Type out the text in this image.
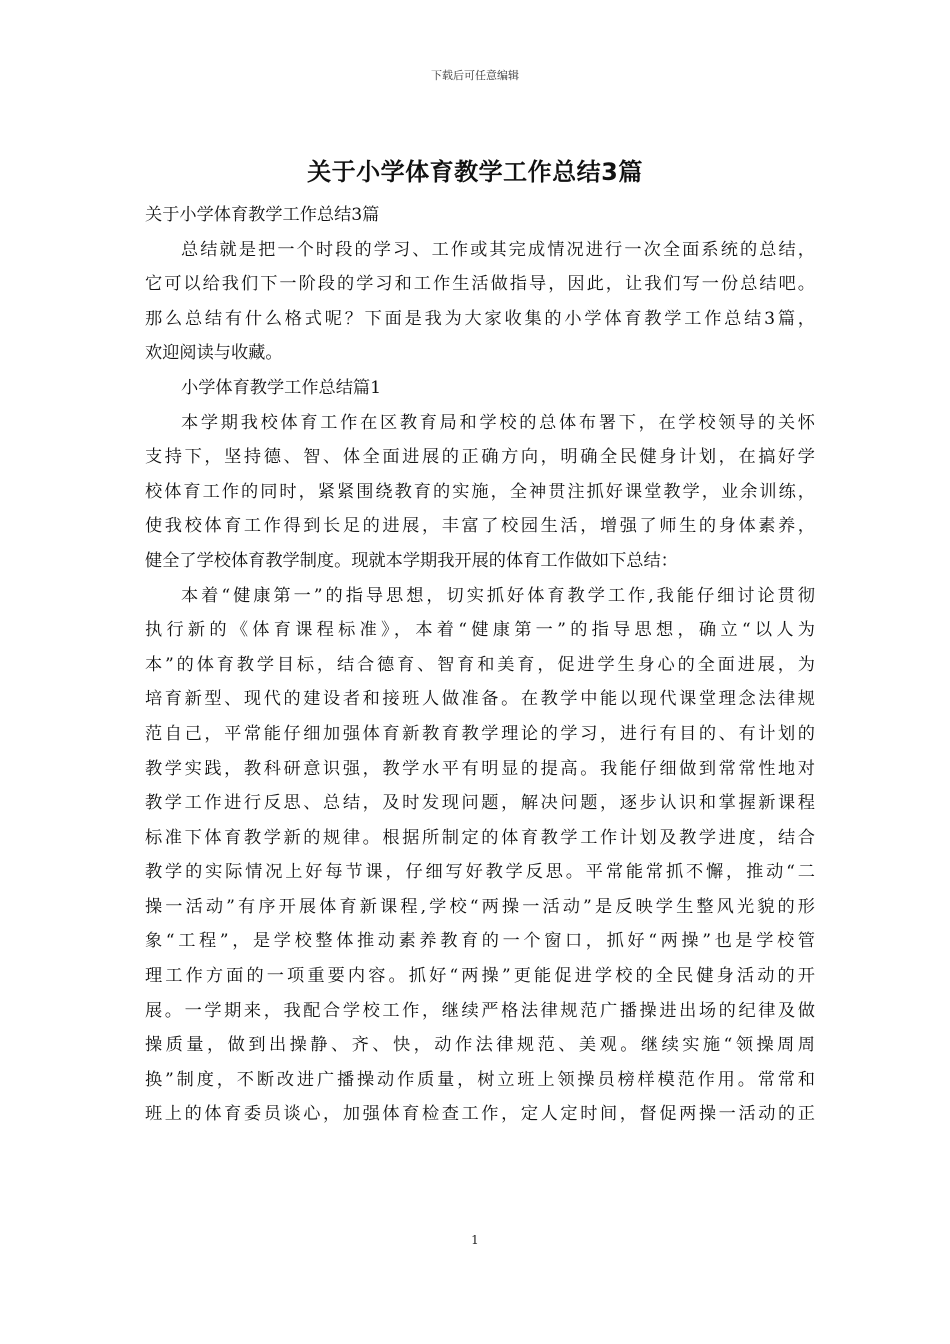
下载后可任意编辑
关于小学体育教学工作总结3篇
关于小学体育教学工作总结3篇

总结就是把一个时段的学习、工作或其完成情况进行一次全面系统的总结，
它可以给我们下一阶段的学习和工作生活做指导，因此，让我们写一份总结吧。
那么总结有什么格式呢？下面是我为大家收集的小学体育教学工作总结3篇，
欢迎阅读与收藏。

小学体育教学工作总结篇1

本学期我校体育工作在区教育局和学校的总体布署下，在学校领导的关怀
支持下，坚持德、智、体全面进展的正确方向，明确全民健身计划，在搞好学
校体育工作的同时，紧紧围绕教育的实施，全神贯注抓好课堂教学，业余训练，
使我校体育工作得到长足的进展，丰富了校园生活，增强了师生的身体素养，
健全了学校体育教学制度。现就本学期我开展的体育工作做如下总结：

本着“健康第一”的指导思想，切实抓好体育教学工作,我能仔细讨论贯彻
执行新的《体育课程标准》，本着“健康第一”的指导思想，确立“以人为
本”的体育教学目标，结合德育、智育和美育，促进学生身心的全面进展，为
培育新型、现代的建设者和接班人做准备。在教学中能以现代课堂理念法律规
范自己，平常能仔细加强体育新教育教学理论的学习，进行有目的、有计划的
教学实践，教科研意识强，教学水平有明显的提高。我能仔细做到常常性地对
教学工作进行反思、总结，及时发现问题，解决问题，逐步认识和掌握新课程
标准下体育教学新的规律。根据所制定的体育教学工作计划及教学进度，结合
教学的实际情况上好每节课，仔细写好教学反思。平常能常抓不懈，推动“二
操一活动”有序开展体育新课程,学校“两操一活动”是反映学生整风光貌的形
象“工程”，是学校整体推动素养教育的一个窗口，抓好“两操”也是学校管
理工作方面的一项重要内容。抓好“两操”更能促进学校的全民健身活动的开
展。一学期来，我配合学校工作，继续严格法律规范广播操进出场的纪律及做
操质量，做到出操静、齐、快，动作法律规范、美观。继续实施“领操周周
换”制度，不断改进广播操动作质量，树立班上领操员榜样模范作用。常常和
班上的体育委员谈心，加强体育检查工作，定人定时间，督促两操一活动的正

1
